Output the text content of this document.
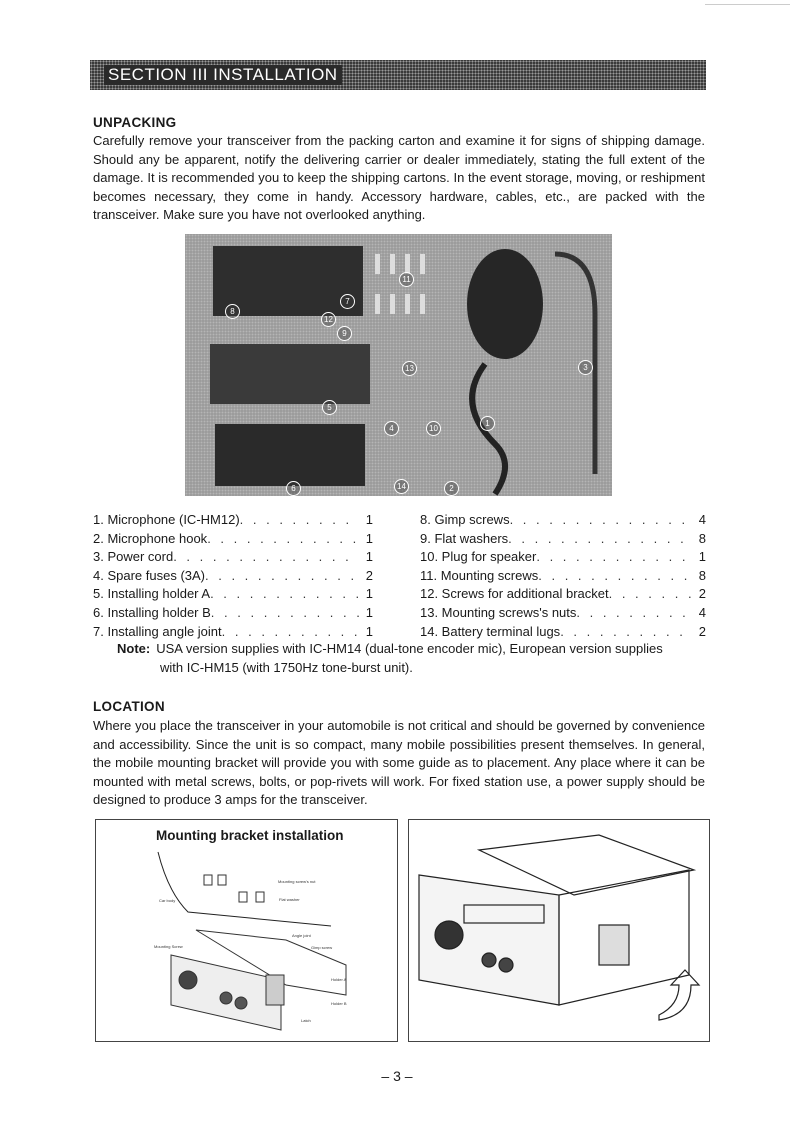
SECTION III INSTALLATION
UNPACKING

Carefully remove your transceiver from the packing carton and examine it for signs of shipping damage. Should any be apparent, notify the delivering carrier or dealer immediately, stating the full extent of the damage. It is recommended you to keep the shipping cartons. In the event storage, moving, or reshipment becomes necessary, they come in handy. Accessory hardware, cables, etc., are packed with the transceiver. Make sure you have not overlooked anything.

11
7
8
12
9
13	3
5
1
4	10
6	14	2
1. Microphone (IC-HM12) . . .	1
2. Microphone hook . . .	1
3. Power cord . . .	1
4. Spare fuses (3A) . . .	2
5. Installing holder A . . .	1
6. Installing holder B . . .	1
7. Installing angle joint . . .	1
8. Gimp screws . . .	4
9. Flat washers . . .	8
10. Plug for speaker . . .	1
11. Mounting screws . . .	8
12. Screws for additional bracket . . .	2
13. Mounting screws's nuts . . .	4
14. Battery terminal lugs . . .	2
Note: USA version supplies with IC-HM14 (dual-tone encoder mic), European version supplies
with IC-HM15 (with 1750Hz tone-burst unit).
LOCATION

Where you place the transceiver in your automobile is not critical and should be governed by convenience and accessibility. Since the unit is so compact, many mobile possibilities present themselves. In general, the mobile mounting bracket will provide you with some guide as to placement. Any place where it can be mounted with metal screws, bolts, or pop-rivets will work. For fixed station use, a power supply should be designed to produce 3 amps for the transceiver.

Mounting bracket installation
Mounting screw's nut
Flat washer
Car body
Angle joint
Mounting Screw	Gimp screw
Holder A
Holder B
Latch
– 3 –
